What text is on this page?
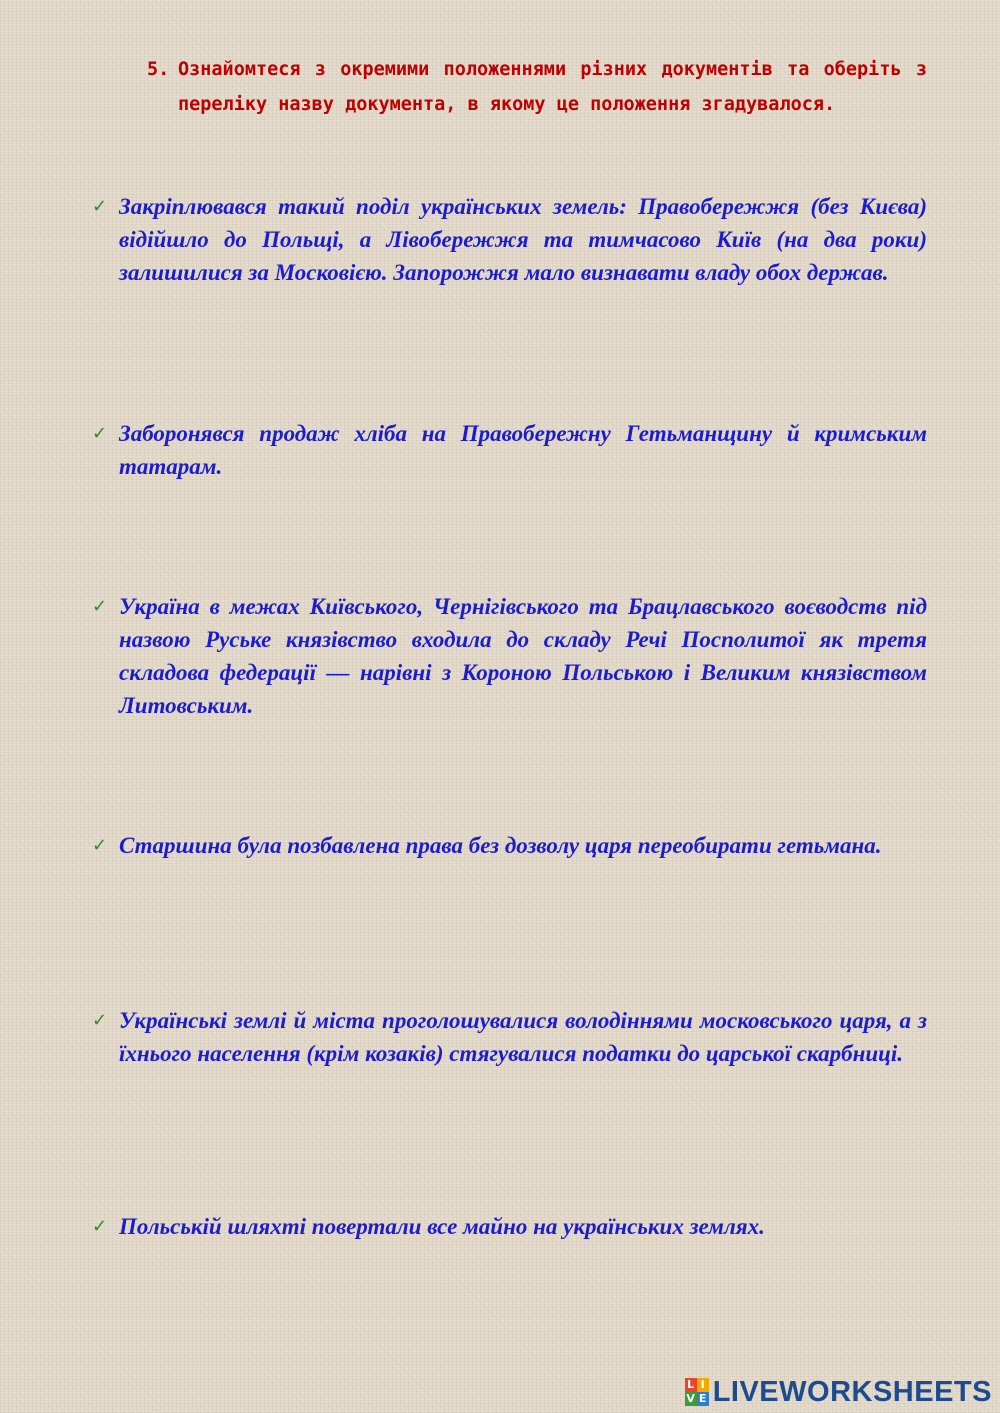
5. Ознайомтеся з окремими положеннями різних документів та оберіть з переліку назву документа, в якому це положення згадувалося.
✓ Закріплювався такий поділ українських земель: Правобережжя (без Києва) відійшло до Польщі, а Лівобережжя та тимчасово Київ (на два роки) залишилися за Московією. Запорожжя мало визнавати владу обох держав.
✓ Заборонявся продаж хліба на Правобережну Гетьманщину й кримським татарам.
✓ Україна в межах Київського, Чернігівського та Брацлавського воєводств під назвою Руське князівство входила до складу Речі Посполитої як третя складова федерації — нарівні з Короною Польською і Великим князівством Литовським.
✓ Старшина була позбавлена права без дозволу царя переобирати гетьмана.
✓ Українські землі й міста проголошувалися володіннями московського царя, а з їхнього населення (крім козаків) стягувалися податки до царської скарбниці.
✓ Польській шляхті повертали все майно на українських землях.
L I
V E LIVEWORKSHEETS
